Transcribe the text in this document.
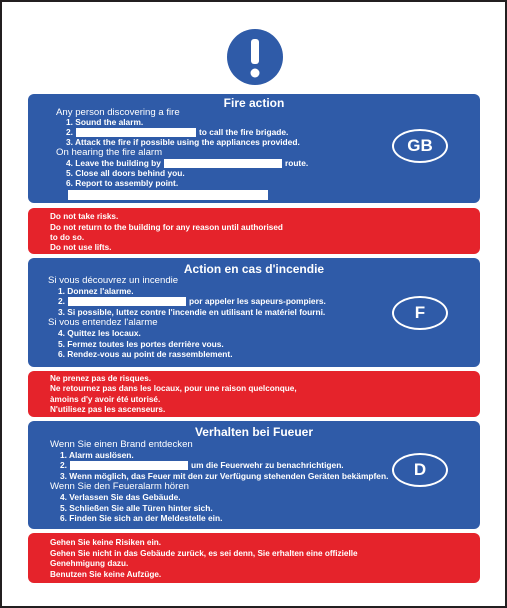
Fire action
Any person discovering a fire
1. Sound the alarm.
2.	to call the fire brigade.
3. Attack the fire if possible using the appliances provided.
On hearing the fire alarm
4. Leave the building by	route.
5. Close all doors behind you.
6. Report to assembly point.
GB
Do not take risks.
Do not return to the building for any reason until authorised
to do so.
Do not use lifts.
Action en cas d'incendie
Si vous découvrez un incendie
1. Donnez l'alarme.
2.	por appeler les sapeurs-pompiers.
3. Si possible, luttez contre l'incendie en utilisant le matériel fourni.
Si vous entendez l'alarme
4. Quittez les locaux.
5. Fermez toutes les portes derrière vous.
6. Rendez-vous au point de rassemblement.
F
Ne prenez pas de risques.
Ne retournez pas dans les locaux, pour une raison quelconque,
àmoins d'y avoir été utorisé.
N'utilisez pas les ascenseurs.
Verhalten bei Fueuer
Wenn Sie einen Brand entdecken
1. Alarm auslösen.
2.	um die Feuerwehr zu benachrichtigen.
3. Wenn möglich, das Feuer mit den zur Verfügung stehenden Geräten bekämpfen.
Wenn Sie den Feueralarm hören
4. Verlassen Sie das Gebäude.
5. Schließen Sie alle Türen hinter sich.
6. Finden Sie sich an der Meldestelle ein.
D
Gehen Sie keine Risiken ein.
Gehen Sie nicht in das Gebäude zurück, es sei denn, Sie erhalten eine offizielle
Genehmigung dazu.
Benutzen Sie keine Aufzüge.
